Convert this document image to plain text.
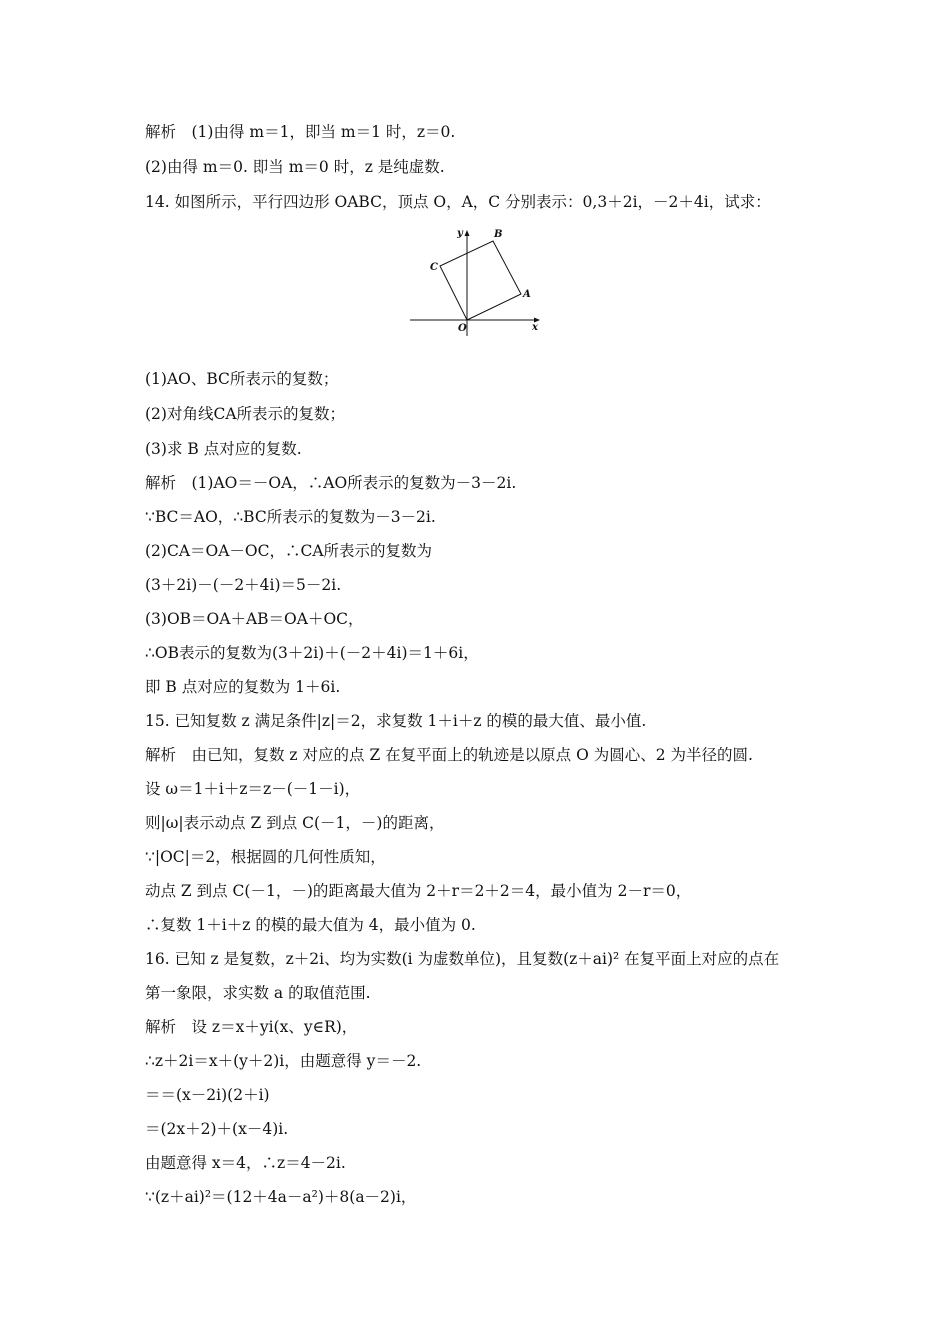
解析　(1)由得 m＝1，即当 m＝1 时，z＝0.
(2)由得 m＝0. 即当 m＝0 时，z 是纯虚数.
14. 如图所示，平行四边形 OABC，顶点 O，A，C 分别表示：0,3＋2i，－2＋4i，试求：
y	B
C
A
O	x
(1)AO、BC所表示的复数；
(2)对角线CA所表示的复数；
(3)求 B 点对应的复数.
解析　(1)AO＝－OA，∴AO所表示的复数为－3－2i.
∵BC＝AO，∴BC所表示的复数为－3－2i.
(2)CA＝OA－OC，∴CA所表示的复数为
(3＋2i)－(－2＋4i)＝5－2i.
(3)OB＝OA＋AB＝OA＋OC，
∴OB表示的复数为(3＋2i)＋(－2＋4i)＝1＋6i，
即 B 点对应的复数为 1＋6i.
15. 已知复数 z 满足条件|z|＝2，求复数 1＋i＋z 的模的最大值、最小值.
解析　由已知，复数 z 对应的点 Z 在复平面上的轨迹是以原点 O 为圆心、2 为半径的圆.
设 ω＝1＋i＋z＝z－(－1－i)，
则|ω|表示动点 Z 到点 C(－1，－)的距离，
∵|OC|＝2，根据圆的几何性质知，
动点 Z 到点 C(－1，－)的距离最大值为 2＋r＝2＋2＝4，最小值为 2－r＝0，
∴复数 1＋i＋z 的模的最大值为 4，最小值为 0.
16. 已知 z 是复数，z＋2i、均为实数(i 为虚数单位)，且复数(z＋ai)² 在复平面上对应的点在
第一象限，求实数 a 的取值范围.
解析　设 z＝x＋yi(x、y∈R)，
∴z＋2i＝x＋(y＋2)i，由题意得 y＝－2.
＝＝(x－2i)(2＋i)
＝(2x＋2)＋(x－4)i.
由题意得 x＝4，∴z＝4－2i.
∵(z＋ai)²＝(12＋4a－a²)＋8(a－2)i，
